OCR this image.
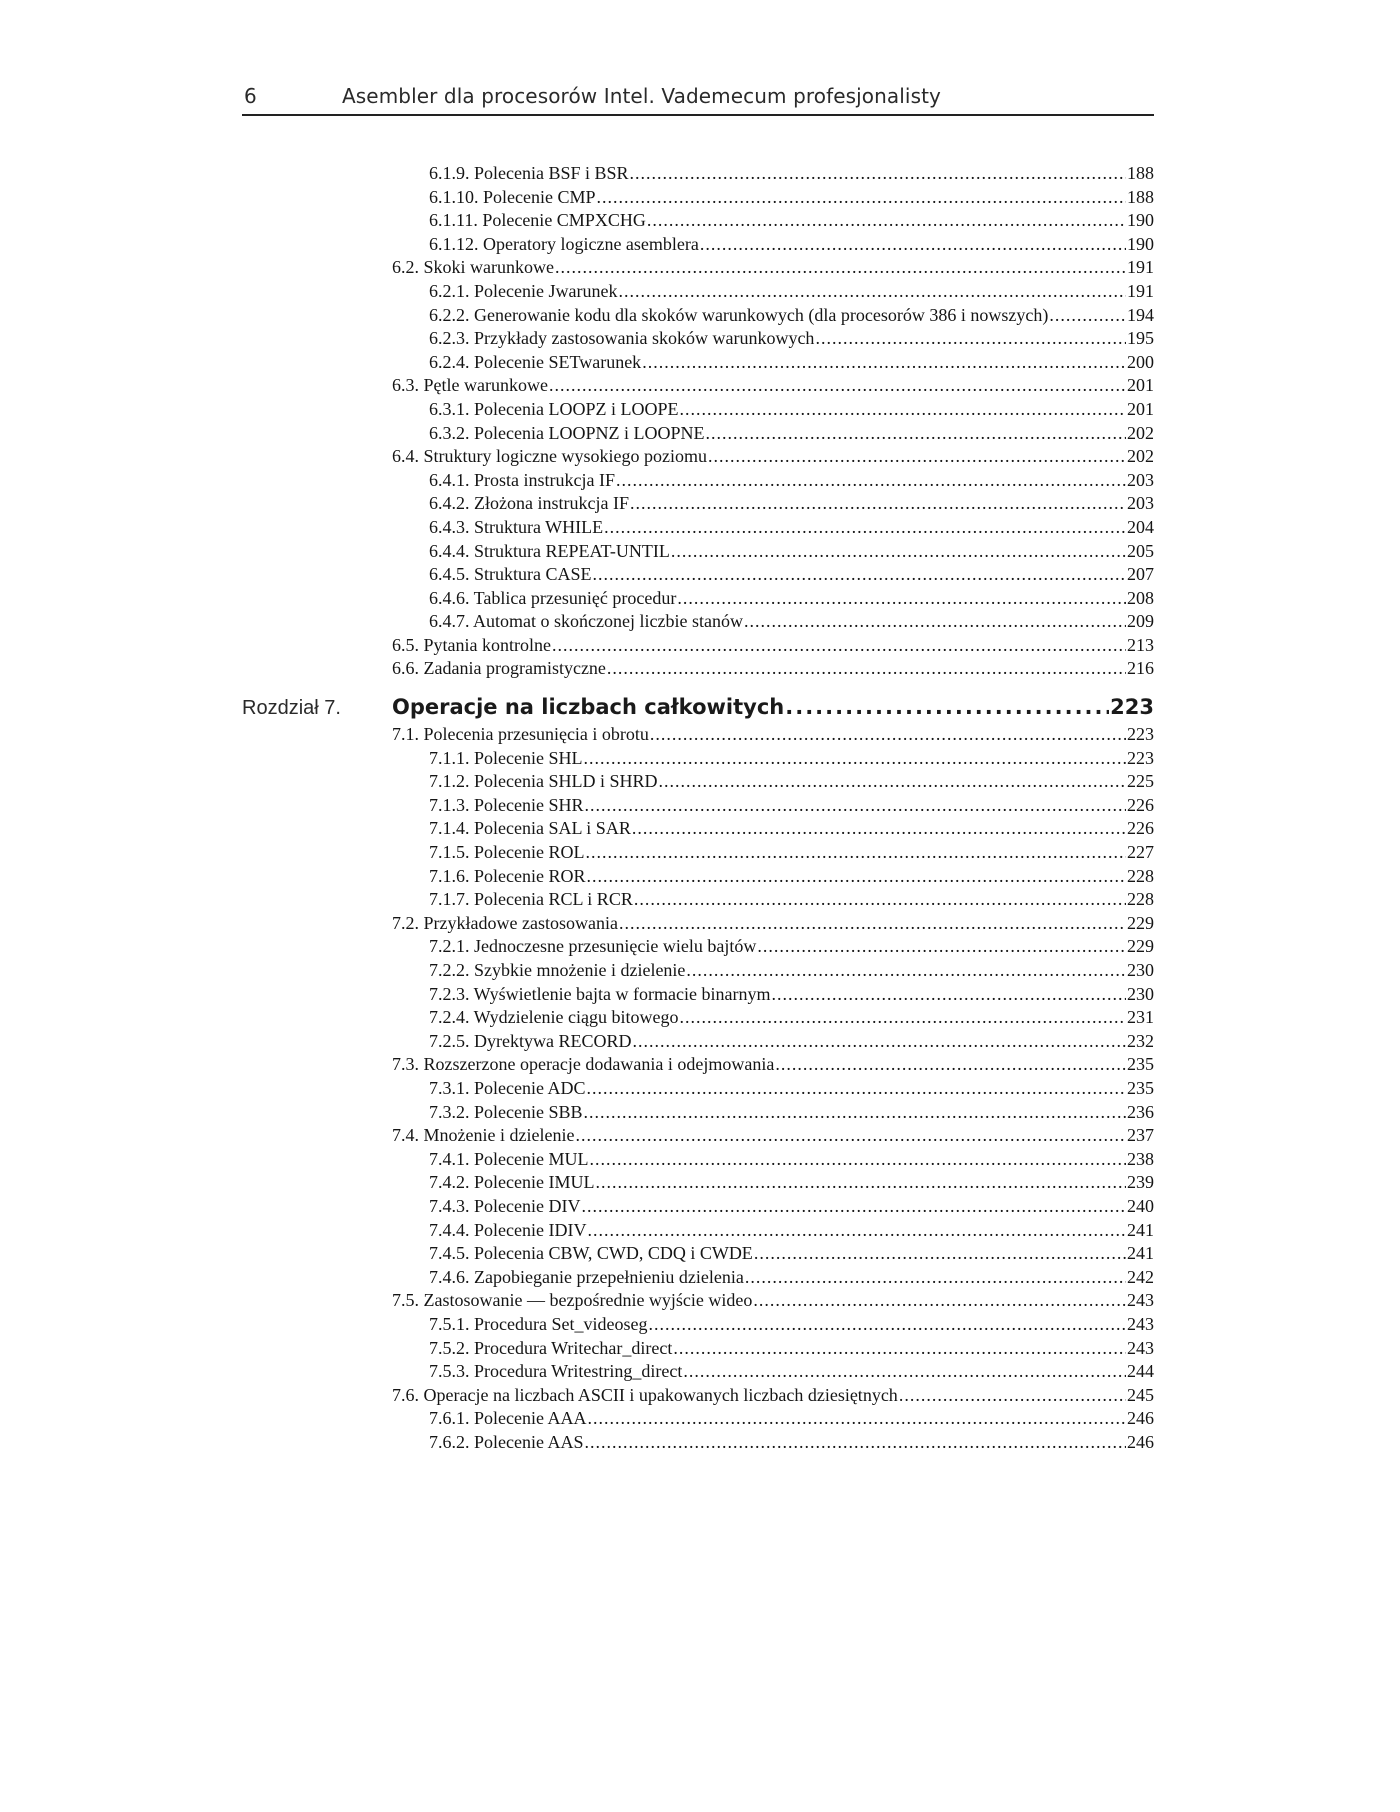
6	Asembler dla procesorów Intel. Vademecum profesjonalisty
6.1.9. Polecenia BSF i BSR .....	188
6.1.10. Polecenie CMP .....	188
6.1.11. Polecenie CMPXCHG .....	190
6.1.12. Operatory logiczne asemblera .....	190
6.2. Skoki warunkowe .....	191
6.2.1. Polecenie Jwarunek .....	191
6.2.2. Generowanie kodu dla skoków warunkowych (dla procesorów 386 i nowszych) .....	194
6.2.3. Przykłady zastosowania skoków warunkowych .....	195
6.2.4. Polecenie SETwarunek .....	200
6.3. Pętle warunkowe .....	201
6.3.1. Polecenia LOOPZ i LOOPE .....	201
6.3.2. Polecenia LOOPNZ i LOOPNE .....	202
6.4. Struktury logiczne wysokiego poziomu .....	202
6.4.1. Prosta instrukcja IF .....	203
6.4.2. Złożona instrukcja IF .....	203
6.4.3. Struktura WHILE .....	204
6.4.4. Struktura REPEAT-UNTIL .....	205
6.4.5. Struktura CASE .....	207
6.4.6. Tablica przesunięć procedur .....	208
6.4.7. Automat o skończonej liczbie stanów .....	209
6.5. Pytania kontrolne .....	213
6.6. Zadania programistyczne .....	216
Rozdział 7.	Operacje na liczbach całkowitych .....	223
7.1. Polecenia przesunięcia i obrotu .....	223
7.1.1. Polecenie SHL .....	223
7.1.2. Polecenia SHLD i SHRD .....	225
7.1.3. Polecenie SHR .....	226
7.1.4. Polecenia SAL i SAR .....	226
7.1.5. Polecenie ROL .....	227
7.1.6. Polecenie ROR .....	228
7.1.7. Polecenia RCL i RCR .....	228
7.2. Przykładowe zastosowania .....	229
7.2.1. Jednoczesne przesunięcie wielu bajtów .....	229
7.2.2. Szybkie mnożenie i dzielenie .....	230
7.2.3. Wyświetlenie bajta w formacie binarnym .....	230
7.2.4. Wydzielenie ciągu bitowego .....	231
7.2.5. Dyrektywa RECORD .....	232
7.3. Rozszerzone operacje dodawania i odejmowania .....	235
7.3.1. Polecenie ADC .....	235
7.3.2. Polecenie SBB .....	236
7.4. Mnożenie i dzielenie .....	237
7.4.1. Polecenie MUL .....	238
7.4.2. Polecenie IMUL .....	239
7.4.3. Polecenie DIV .....	240
7.4.4. Polecenie IDIV .....	241
7.4.5. Polecenia CBW, CWD, CDQ i CWDE .....	241
7.4.6. Zapobieganie przepełnieniu dzielenia .....	242
7.5. Zastosowanie — bezpośrednie wyjście wideo .....	243
7.5.1. Procedura Set_videoseg .....	243
7.5.2. Procedura Writechar_direct .....	243
7.5.3. Procedura Writestring_direct .....	244
7.6. Operacje na liczbach ASCII i upakowanych liczbach dziesiętnych .....	245
7.6.1. Polecenie AAA .....	246
7.6.2. Polecenie AAS .....	246
